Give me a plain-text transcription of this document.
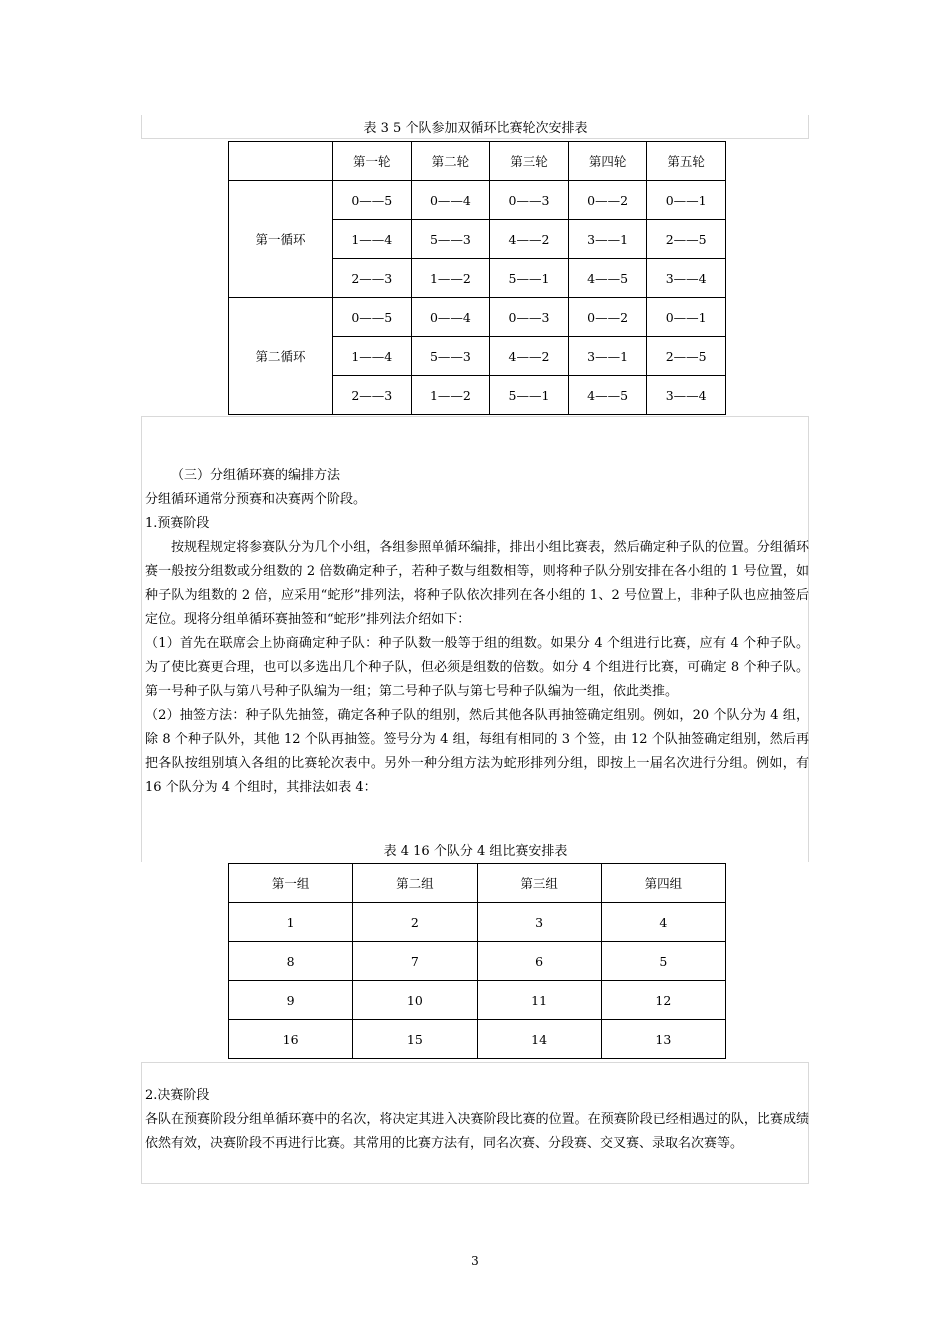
表 3 5 个队参加双循环比赛轮次安排表
	第一轮	第二轮	第三轮	第四轮	第五轮
第一循环	0——5	0——4	0——3	0——2	0——1
	1——4	5——3	4——2	3——1	2——5
	2——3	1——2	5——1	4——5	3——4
第二循环	0——5	0——4	0——3	0——2	0——1
	1——4	5——3	4——2	3——1	2——5
	2——3	1——2	5——1	4——5	3——4

（三）分组循环赛的编排方法

分组循环通常分预赛和决赛两个阶段。

1.预赛阶段

按规程规定将参赛队分为几个小组，各组参照单循环编排，排出小组比赛表，然后确定种子队的位置。分组循环赛一般按分组数或分组数的 2 倍数确定种子，若种子数与组数相等，则将种子队分别安排在各小组的 1 号位置，如种子队为组数的 2 倍，应采用“蛇形”排列法，将种子队依次排列在各小组的 1、2 号位置上，非种子队也应抽签后定位。现将分组单循环赛抽签和“蛇形”排列法介绍如下：

（1）首先在联席会上协商确定种子队：种子队数一般等于组的组数。如果分 4 个组进行比赛，应有 4 个种子队。为了使比赛更合理，也可以多选出几个种子队，但必须是组数的倍数。如分 4 个组进行比赛，可确定 8 个种子队。第一号种子队与第八号种子队编为一组；第二号种子队与第七号种子队编为一组，依此类推。

（2）抽签方法：种子队先抽签，确定各种子队的组别，然后其他各队再抽签确定组别。例如，20 个队分为 4 组，除 8 个种子队外，其他 12 个队再抽签。签号分为 4 组，每组有相同的 3 个签，由 12 个队抽签确定组别，然后再把各队按组别填入各组的比赛轮次表中。另外一种分组方法为蛇形排列分组，即按上一届名次进行分组。例如，有 16 个队分为 4 个组时，其排法如表 4：

表 4 16 个队分 4 组比赛安排表
第一组	第二组	第三组	第四组
1	2	3	4
8	7	6	5
9	10	11	12
16	15	14	13

2.决赛阶段

各队在预赛阶段分组单循环赛中的名次，将决定其进入决赛阶段比赛的位置。在预赛阶段已经相遇过的队，比赛成绩依然有效，决赛阶段不再进行比赛。其常用的比赛方法有，同名次赛、分段赛、交叉赛、录取名次赛等。

3
